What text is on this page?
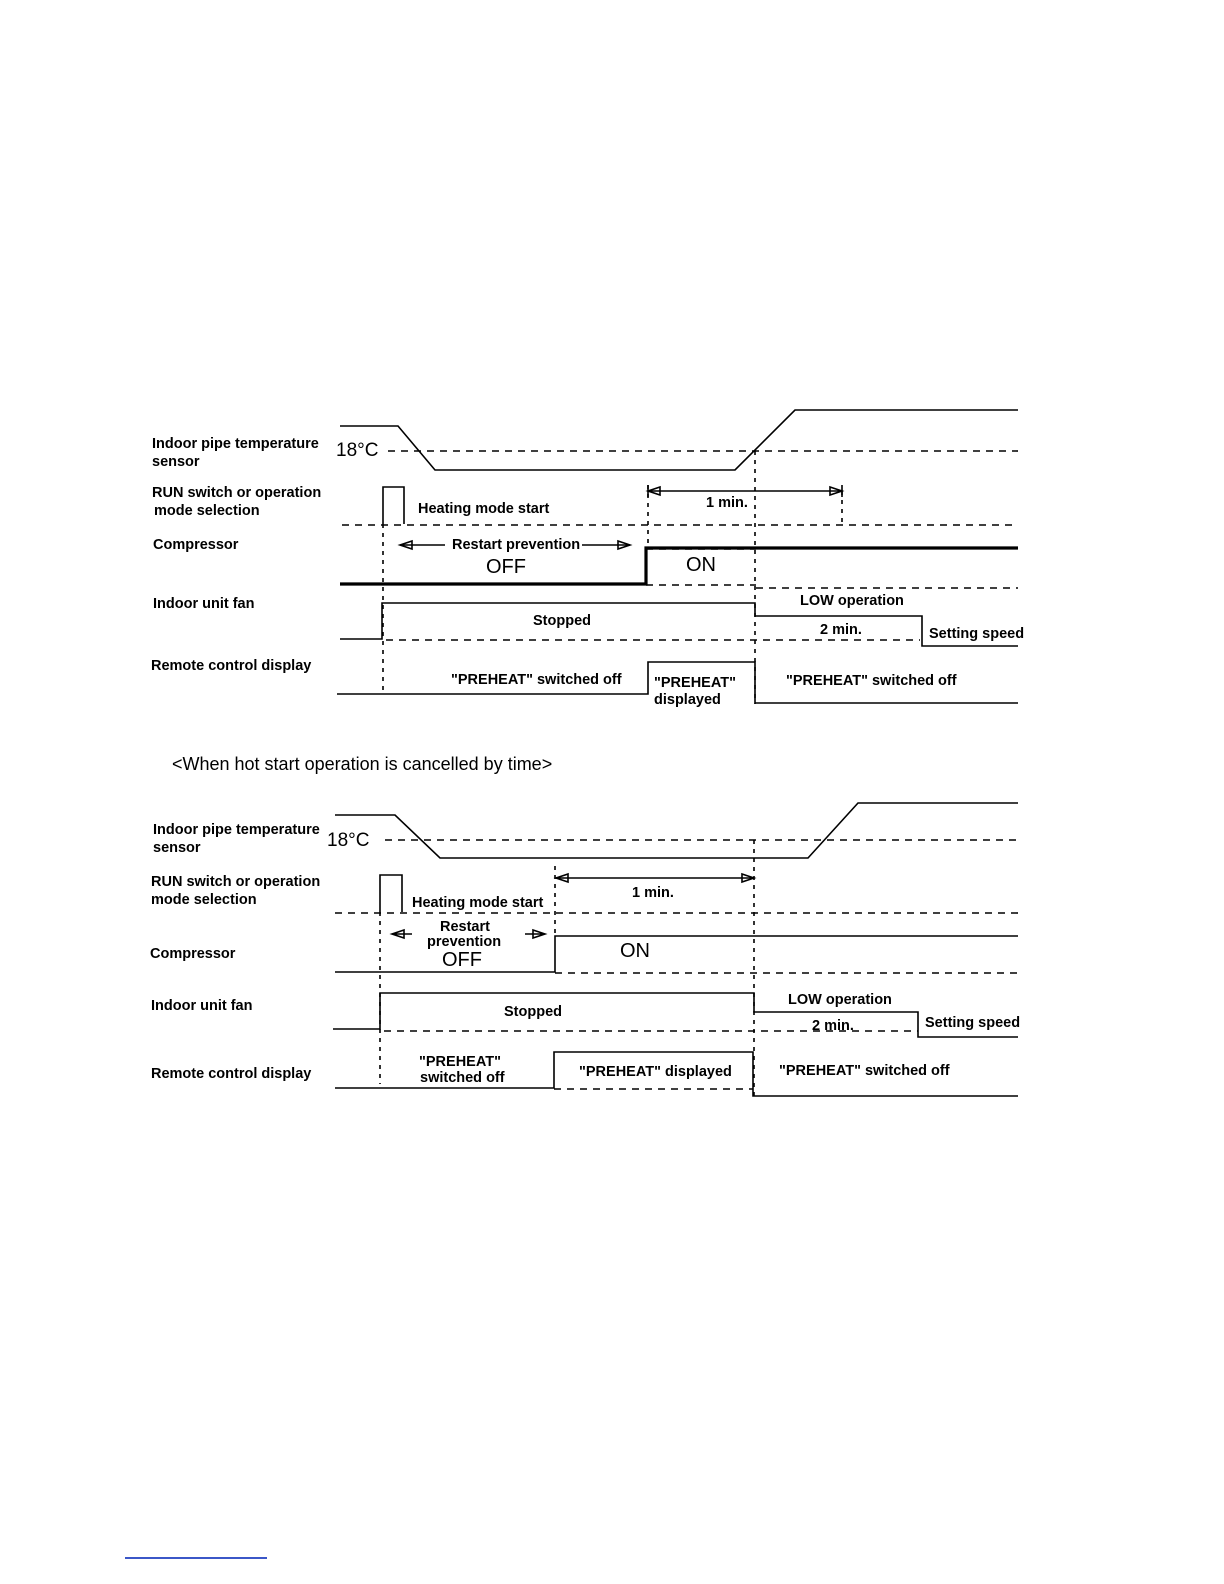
Indoor pipe temperature
sensor
RUN switch or operation
mode selection
Compressor
Indoor unit fan
Remote control display
18°C
Heating mode start	1 min.
Restart prevention
OFF	ON
LOW operation
Stopped
2 min.	Setting speed
"PREHEAT" switched off "PREHEAT"
displayed
"PREHEAT" switched off
<When hot start operation is cancelled by time>
Indoor pipe temperature
sensor
RUN switch or operation
mode selection
Compressor
Indoor unit fan
Remote control display
18°C
Heating mode start
1 min.
Restart
prevention
OFF	ON
LOW operation
Stopped
2 min.	Setting speed
"PREHEAT"
switched off	"PREHEAT" displayed	"PREHEAT" switched off
